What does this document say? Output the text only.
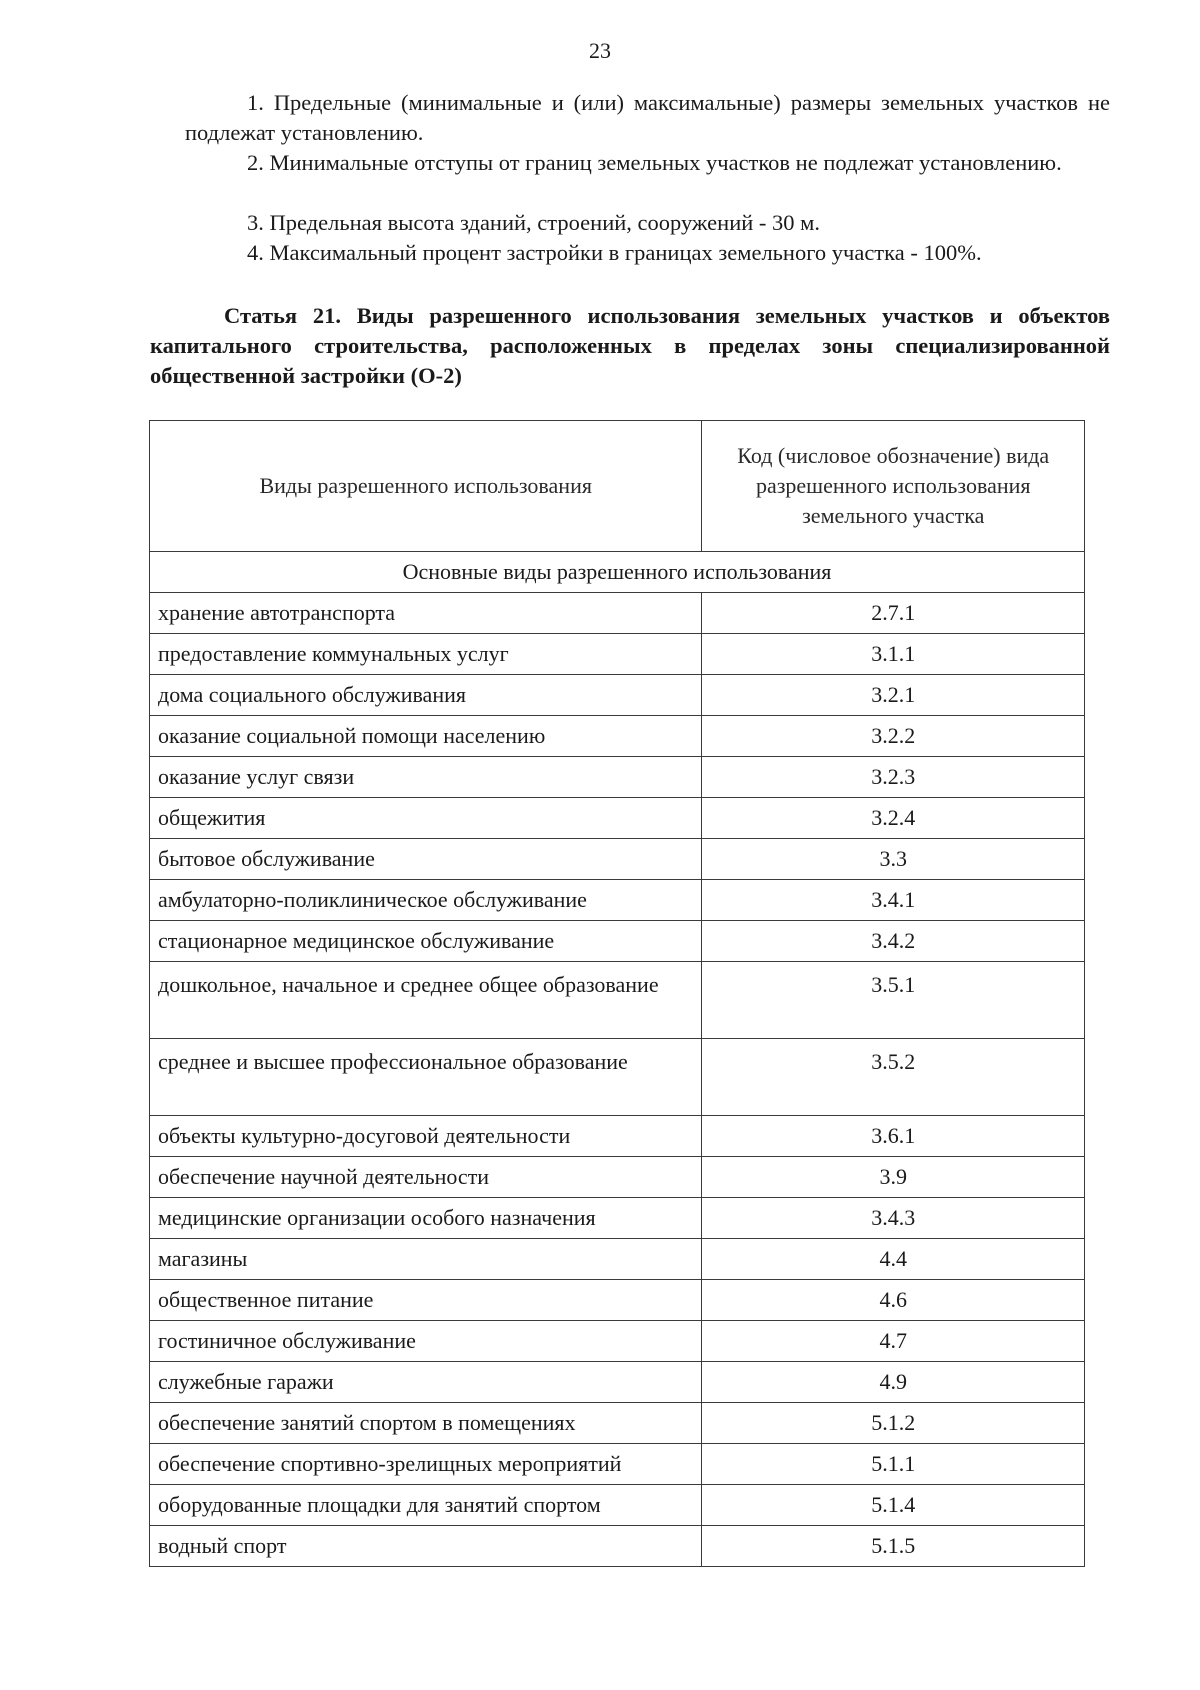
23

1. Предельные (минимальные и (или) максимальные) размеры земельных участков не подлежат установлению.

2. Минимальные отступы от границ земельных участков не подлежат установлению.

3. Предельная высота зданий, строений, сооружений - 30 м.

4. Максимальный процент застройки в границах земельного участка - 100%.

Статья 21. Виды разрешенного использования земельных участков и объектов капитального строительства, расположенных в пределах зоны специализированной общественной застройки (О-2)

Виды разрешенного использования	Код (числовое обозначение) вида разрешенного использования земельного участка
Основные виды разрешенного использования	
хранение автотранспорта	2.7.1
предоставление коммунальных услуг	3.1.1
дома социального обслуживания	3.2.1
оказание социальной помощи населению	3.2.2
оказание услуг связи	3.2.3
общежития	3.2.4
бытовое обслуживание	3.3
амбулаторно-поликлиническое обслуживание	3.4.1
стационарное медицинское обслуживание	3.4.2
дошкольное, начальное и среднее общее образование	3.5.1
среднее и высшее профессиональное образование	3.5.2
объекты культурно-досуговой деятельности	3.6.1
обеспечение научной деятельности	3.9
медицинские организации особого назначения	3.4.3
магазины	4.4
общественное питание	4.6
гостиничное обслуживание	4.7
служебные гаражи	4.9
обеспечение занятий спортом в помещениях	5.1.2
обеспечение спортивно-зрелищных мероприятий	5.1.1
оборудованные площадки для занятий спортом	5.1.4
водный спорт	5.1.5
